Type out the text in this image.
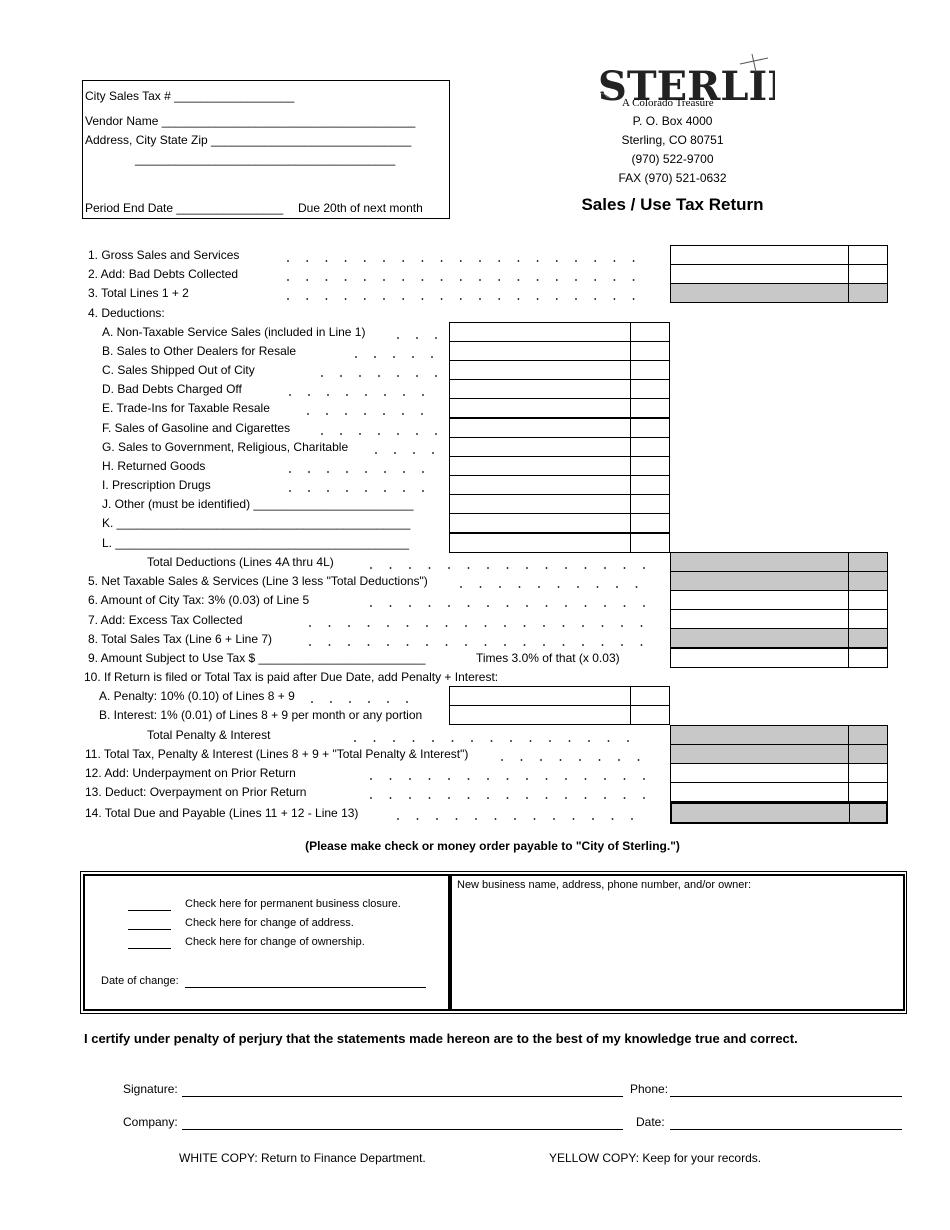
City Sales Tax # __________________
Vendor Name ______________________________________
Address, City State Zip ______________________________
_______________________________________
Period End Date ________________ Due 20th of next month
STERLI
A Colorado Treasure
P. O. Box 4000
Sterling, CO 80751
(970) 522-9700
FAX (970) 521-0632
Sales / Use Tax Return
1. Gross Sales and Services
2. Add: Bad Debts Collected
3. Total Lines 1 + 2
4. Deductions:
A. Non-Taxable Service Sales (included in Line 1)
B. Sales to Other Dealers for Resale
C. Sales Shipped Out of City
D. Bad Debts Charged Off
E. Trade-Ins for Taxable Resale
F. Sales of Gasoline and Cigarettes
G. Sales to Government, Religious, Charitable
H. Returned Goods
I. Prescription Drugs
J. Other (must be identified) ________________________
K. ____________________________________________
L. ____________________________________________
Total Deductions (Lines 4A thru 4L)
5. Net Taxable Sales & Services (Line 3 less "Total Deductions")
6. Amount of City Tax: 3% (0.03) of Line 5
7. Add: Excess Tax Collected
8. Total Sales Tax (Line 6 + Line 7)
9. Amount Subject to Use Tax $ _________________________	Times 3.0% of that (x 0.03)
10. If Return is filed or Total Tax is paid after Due Date, add Penalty + Interest:
A. Penalty: 10% (0.10) of Lines 8 + 9
B. Interest: 1% (0.01) of Lines 8 + 9 per month or any portion
Total Penalty & Interest
11. Total Tax, Penalty & Interest (Lines 8 + 9 + "Total Penalty & Interest")
12. Add: Underpayment on Prior Return
13. Deduct: Overpayment on Prior Return
14. Total Due and Payable (Lines 11 + 12 - Line 13)
(Please make check or money order payable to "City of Sterling.")
Check here for permanent business closure.
Check here for change of address.
Check here for change of ownership.
Date of change:
New business name, address, phone number, and/or owner:
I certify under penalty of perjury that the statements made hereon are to the best of my knowledge true and correct.
Signature:	Phone:
Company:	Date:
WHITE COPY: Return to Finance Department.	YELLOW COPY: Keep for your records.
